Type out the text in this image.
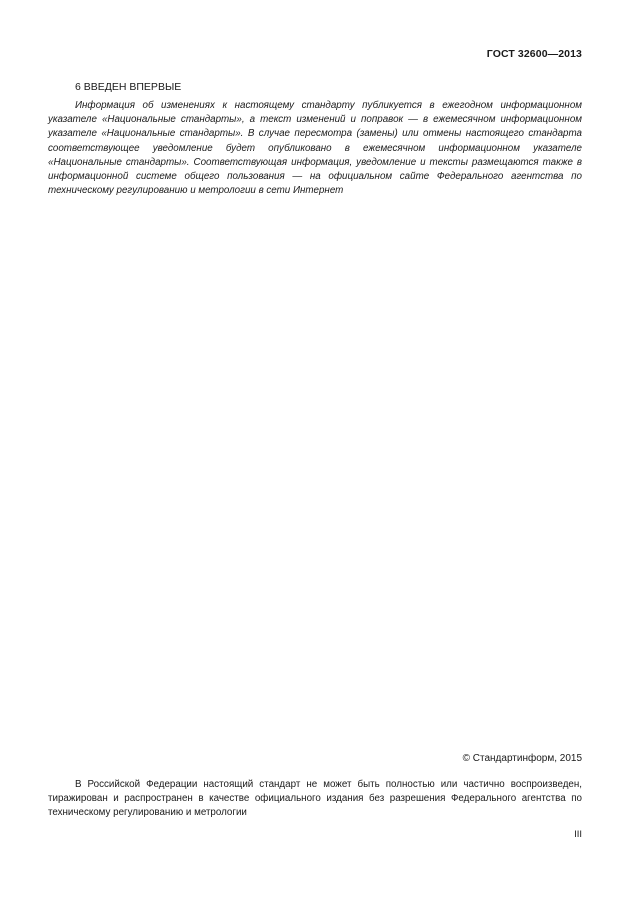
ГОСТ 32600—2013
6 ВВЕДЕН ВПЕРВЫЕ

Информация об изменениях к настоящему стандарту публикуется в ежегодном информационном указателе «Национальные стандарты», а текст изменений и поправок — в ежемесячном информационном указателе «Национальные стандарты». В случае пересмотра (замены) или отмены настоящего стандарта соответствующее уведомление будет опубликовано в ежемесячном информационном указателе «Национальные стандарты». Соответствующая информация, уведомление и тексты размещаются также в информационной системе общего пользования — на официальном сайте Федерального агентства по техническому регулированию и метрологии в сети Интернет

© Стандартинформ, 2015

В Российской Федерации настоящий стандарт не может быть полностью или частично воспроизведен, тиражирован и распространен в качестве официального издания без разрешения Федерального агентства по техническому регулированию и метрологии

III
